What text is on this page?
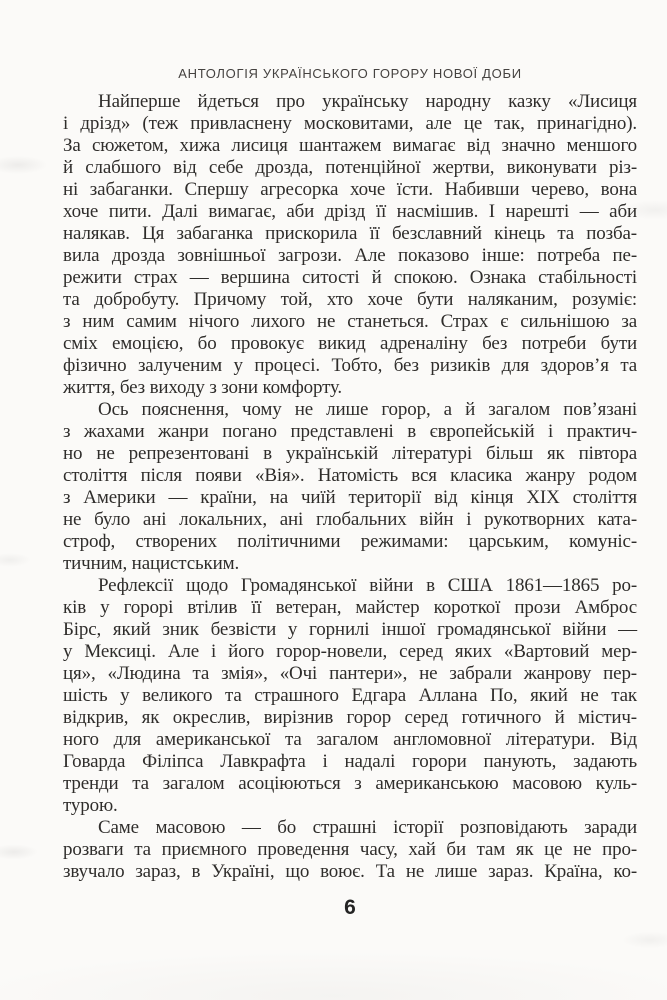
АНТОЛОГІЯ УКРАЇНСЬКОГО ГОРОРУ НОВОЇ ДОБИ
Найперше йдеться про українську народну казку «Лисиця
і дрізд» (теж привласнену московитами, але це так, принагідно).
За сюжетом, хижа лисиця шантажем вимагає від значно меншого
й слабшого від себе дрозда, потенційної жертви, виконувати різ-
ні забаганки. Спершу агресорка хоче їсти. Набивши черево, вона
хоче пити. Далі вимагає, аби дрізд її насмішив. І нарешті — аби
налякав. Ця забаганка прискорила її безславний кінець та позба-
вила дрозда зовнішньої загрози. Але показово інше: потреба пе-
режити страх — вершина ситості й спокою. Ознака стабільності
та добробуту. Причому той, хто хоче бути наляканим, розуміє:
з ним самим нічого лихого не станеться. Страх є сильнішою за
сміх емоцією, бо провокує викид адреналіну без потреби бути
фізично залученим у процесі. Тобто, без ризиків для здоров’я та
життя, без виходу з зони комфорту.
Ось пояснення, чому не лише горор, а й загалом пов’язані
з жахами жанри погано представлені в європейській і практич-
но не репрезентовані в українській літературі більш як півтора
століття після появи «Вія». Натомість вся класика жанру родом
з Америки — країни, на чиїй території від кінця XIX століття
не було ані локальних, ані глобальних війн і рукотворних ката-
строф, створених політичними режимами: царським, комуніс-
тичним, нацистським.
Рефлексії щодо Громадянської війни в США 1861—1865 ро-
ків у горорі втілив її ветеран, майстер короткої прози Амброс
Бірс, який зник безвісти у горнилі іншої громадянської війни —
у Мексиці. Але і його горор-новели, серед яких «Вартовий мер-
ця», «Людина та змія», «Очі пантери», не забрали жанрову пер-
шість у великого та страшного Едгара Аллана По, який не так
відкрив, як окреслив, вирізнив горор серед готичного й містич-
ного для американської та загалом англомовної літератури. Від
Говарда Філіпса Лавкрафта і надалі горори панують, задають
тренди та загалом асоціюються з американською масовою куль-
турою.
Саме масовою — бо страшні історії розповідають заради
розваги та приємного проведення часу, хай би там як це не про-
звучало зараз, в Україні, що воює. Та не лише зараз. Країна, ко-
6
